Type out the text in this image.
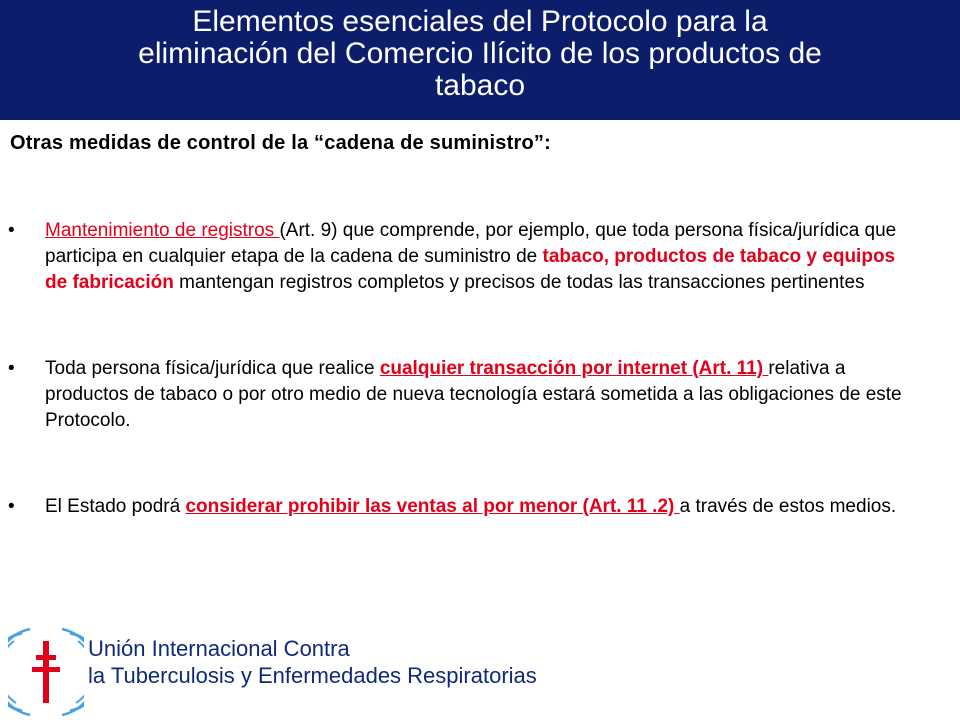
Elementos esenciales del Protocolo para la
eliminación del Comercio Ilícito de los productos de
tabaco
Otras medidas de control de la “cadena de suministro”:
• Mantenimiento de registros (Art. 9) que comprende, por ejemplo, que toda persona física/jurídica que participa en cualquier etapa de la cadena de suministro de tabaco, productos de tabaco y equipos de fabricación mantengan registros completos y precisos de todas las transacciones pertinentes
• Toda persona física/jurídica que realice cualquier transacción por internet (Art. 11) relativa a productos de tabaco o por otro medio de nueva tecnología estará sometida a las obligaciones de este Protocolo.
• El Estado podrá considerar prohibir las ventas al por menor (Art. 11 .2) a través de estos medios.
Unión Internacional Contra
la Tuberculosis y Enfermedades Respiratorias
